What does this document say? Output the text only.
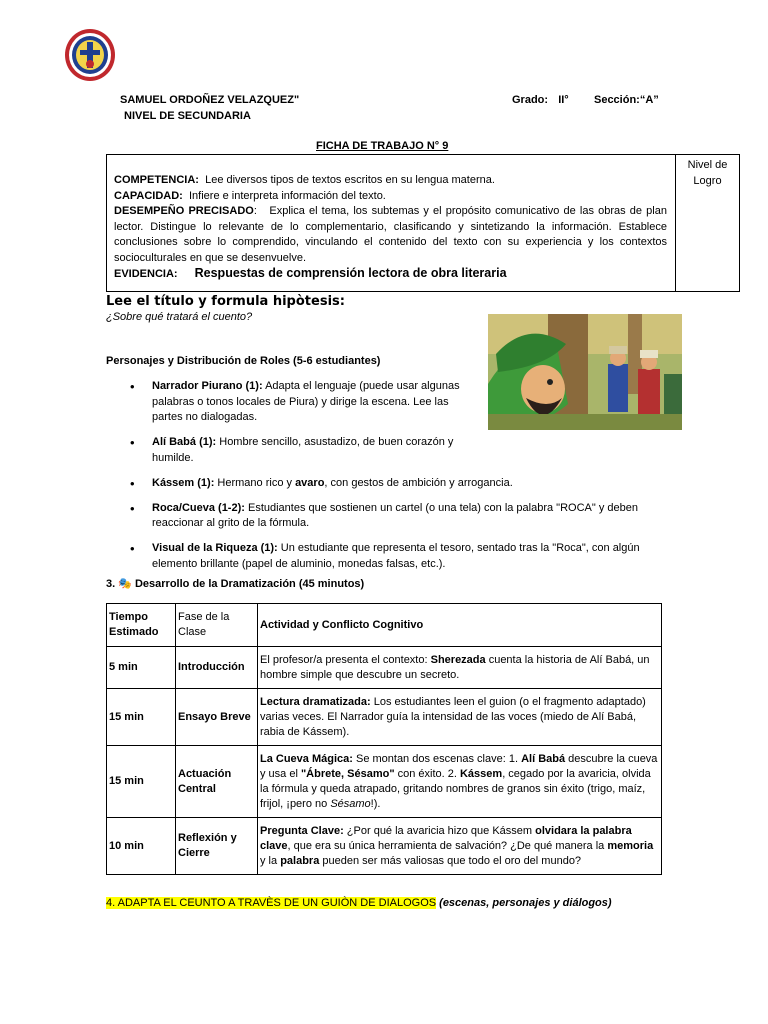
SAMUEL ORDOÑEZ VELAZQUEZ"
NIVEL DE SECUNDARIA
Grado: II° Sección:“A”
FICHA DE TRABAJO N° 9
COMPETENCIA: Lee diversos tipos de textos escritos en su lengua materna.
CAPACIDAD: Infiere e interpreta información del texto.
DESEMPEÑO PRECISADO:   Explica el tema, los subtemas y el propósito comunicativo de las obras de plan lector. Distingue lo relevante de lo complementario, clasificando y sintetizando la información. Establece conclusiones sobre lo comprendido, vinculando el contenido del texto con su experiencia y los contextos socioculturales en que se desenvuelve.
EVIDENCIA: Respuestas de comprensión lectora de obra literaria
Nivel de Logro
Lee el título y formula hipòtesis:
¿Sobre qué tratará el cuento?
Personajes y Distribución de Roles (5-6 estudiantes)
• Narrador Piurano (1): Adapta el lenguaje (puede usar algunas palabras o tonos locales de Piura) y dirige la escena. Lee las partes no dialogadas.
• Alí Babá (1): Hombre sencillo, asustadizo, de buen corazón y humilde.
• Kássem (1): Hermano rico y avaro, con gestos de ambición y arrogancia.
• Roca/Cueva (1-2): Estudiantes que sostienen un cartel (o una tela) con la palabra "ROCA" y deben reaccionar al grito de la fórmula.
• Visual de la Riqueza (1): Un estudiante que representa el tesoro, sentado tras la "Roca", con algún elemento brillante (papel de aluminio, monedas falsas, etc.).
3. 🎭 Desarrollo de la Dramatización (45 minutos)
Tiempo Estimado	Fase de la Clase	Actividad y Conflicto Cognitivo
5 min	Introducción	El profesor/a presenta el contexto: Sherezada cuenta la historia de Alí Babá, un hombre simple que descubre un secreto.
15 min	Ensayo Breve	Lectura dramatizada: Los estudiantes leen el guion (o el fragmento adaptado) varias veces. El Narrador guía la intensidad de las voces (miedo de Alí Babá, rabia de Kássem).
15 min	Actuación Central	La Cueva Mágica: Se montan dos escenas clave: 1. Alí Babá descubre la cueva y usa el "Ábrete, Sésamo" con éxito. 2. Kássem, cegado por la avaricia, olvida la fórmula y queda atrapado, gritando nombres de granos sin éxito (trigo, maíz, frijol, ¡pero no Sésamo!).
10 min	Reflexión y Cierre	Pregunta Clave: ¿Por qué la avaricia hizo que Kássem olvidara la palabra clave, que era su única herramienta de salvación? ¿De qué manera la memoria y la palabra pueden ser más valiosas que todo el oro del mundo?
4. ADAPTA EL CEUNTO A TRAVÈS DE UN GUIÒN DE DIALOGOS (escenas, personajes y diálogos)
